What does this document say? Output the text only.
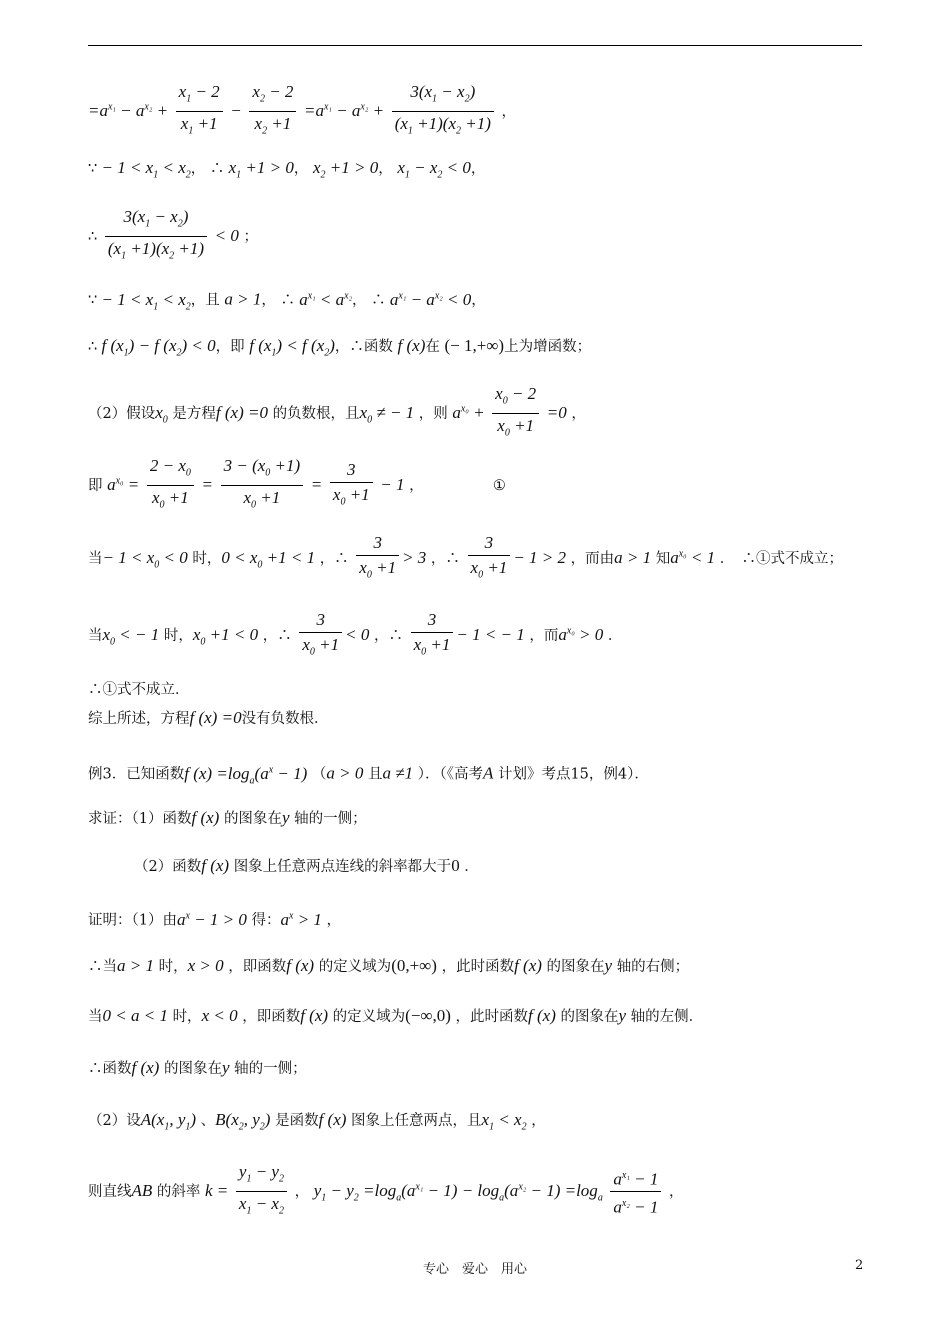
$=a^{x_1} - a^{x_2} + \frac{x_1 - 2}{x_1 +1} - \frac{x_2 - 2}{x_2 +1} =a^{x_1} - a^{x_2} + \frac{3(x_1 - x_2)}{(x_1 +1)(x_2 +1)}$ ，
∵ − $1 < x_1 < x_2$， ∴ $x_1 +1 > 0$， $x_2 +1 > 0$， $x_1 - x_2 < 0$，
∴ $\frac{3(x_1 - x_2)}{(x_1 +1)(x_2 +1)} < 0$ ；
∵ − $1 < x_1 < x_2$，且 a > 1， ∴ $a^{x_1} < a^{x_2}$， ∴ $a^{x_1} - a^{x_2} < 0$，
∴ f $(x_1) - f$ $(x_2) < 0$，即 f $(x_1) < f$ $(x_2)$，∴函数 f (x)在 (− 1,+∞)上为增函数；
（2）假设$x_0$ 是方程f (x) =0 的负数根，且$x_0$ ≠ − 1 ，则 $a^{x_0} + \frac{x_0 - 2}{x_0 +1} =0$ ，
即 $a^{x_0} = \frac{2 - x_0}{x_0 +1} = \frac{3 - (x_0 +1)}{x_0 +1} = \frac{3}{x_0 +1} - 1$ ，	①
当− $1 < x_0 < 0$ 时，$0 < x_0 +1 < 1$ ，∴ $\frac{3}{x_0 +1} > 3$ ，∴ $\frac{3}{x_0 +1} - 1 > 2$ ，而由a > 1 知$a^{x_0} < 1$ ．　∴①式不成立；
当$x_0$ < − 1 时，$x_0 +1 < 0$ ，∴ $\frac{3}{x_0 +1} < 0$ ，∴ $\frac{3}{x_0 +1} - 1$ < − 1 ，而$a^{x_0} > 0$ ．
∴①式不成立．
综上所述，方程f (x) =0没有负数根．
例3．已知函数f $(x) =\log_a(a^x - 1) (a > 0$ 且a ≠1 ）．（《高考A 计划》考点15，例4）．
求证：（1）函数f (x) 的图象在y 轴的一侧；
（2）函数f (x) 图象上任意两点连线的斜率都大于0 ．
证明：（1）由$a^x - 1 > 0$ 得：$a^x > 1$ ，
∴当a > 1 时，x > 0 ，即函数f (x) 的定义域为(0,+∞) ，此时函数f (x) 的图象在y 轴的右侧；
当0 < a < 1 时，x < 0 ，即函数f (x) 的定义域为(−∞,0) ，此时函数f (x) 的图象在y 轴的左侧．
∴函数f (x) 的图象在y 轴的一侧；
（2）设$A(x_1$, $y_1$) 、$B(x_2$, $y_2$) 是函数f (x) 图象上任意两点，且$x_1 < x_2$ ，
则直线AB 的斜率 $k = \frac{y_1 - y_2}{x_1 - x_2}$ ， $y_1 - y_2 =\log_a(a^{x_1} - 1) - \log_a(a^{x_2} - 1) =\log_a \frac{a^{x_1} - 1}{a^{x_2} - 1}$ ，
专心　爱心　用心	2
